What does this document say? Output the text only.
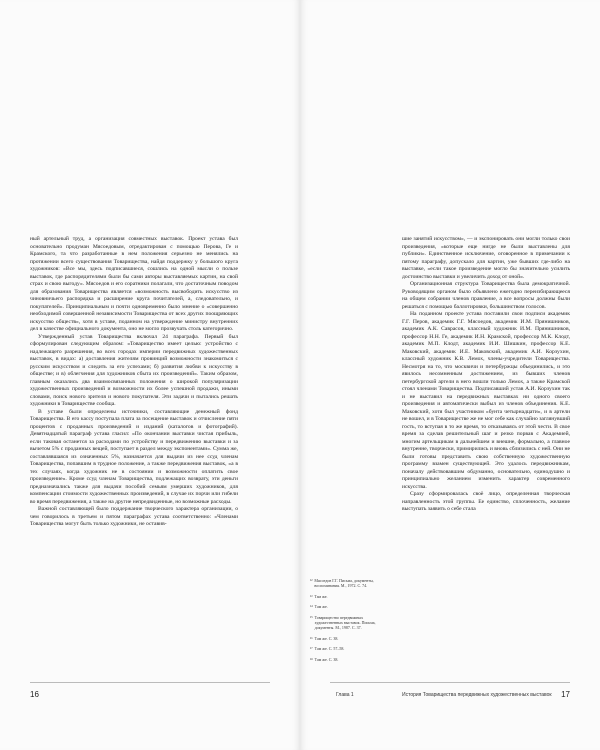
ный артельный труд, а организация совместных выставок. Проект устава был основательно продуман Мясоедовым, отредактирован с помощью Перова, Ге и Крамского, та что разработанные в нем положения серьезно не менялись на протяжении всего существования Товарищества, найдя поддержку у большого круга художников: «Все мы, здесь подписавшиеся, сошлись на одной мысли о пользе выставок, где распорядителями были бы сами авторы выставляемых картин, на свой страх и свою выгоду». Мясоедов и его соратники полагали, что достаточным поводом для образования Товарищества является «возможность высвободить искусство из чиновничьего распорядка и расширение круга почитателей, а, следовательно, и покупателей». Принципиальным и почти одновременно было мнение о «совершенно необходимой совершенной независимости Товарищества от всех других поощряющих искусство обществ», хотя в уставе, поданном на утверждение министру внутренних дел в качестве официального документа, оно не могло прозвучать столь категорично.

Утвержденный устав Товарищества включал 24 параграфа. Первый был сформулирован следующим образом: «Товарищество имеет целью: устройство с надлежащего разрешения, во всех городах империи передвижных художественных выставок, в видах: а) доставления жителям провинций возможности знакомиться с русским искусством и следить за его успехами; б) развития любви к искусству в обществе; и в) облегчения для художников сбыта их произведений». Таким образом, главным оказались два взаимосвязанных положения о широкой популяризации художественных произведений и возможности их более успешной продажи, иными словами, поиск нового зрителя и нового покупателя. Эти задачи и пытались решать художники в Товариществе сообща.

В уставе были определены источники, составляющие денежный фонд Товарищества. В его кассу поступала плата за посещение выставок и отчисление пяти процентов с проданных произведений и изданий (каталогов и фотографий). Девятнадцатый параграф устава гласил: «По окончании выставки чистая прибыль, если таковая останется за расходами по устройству и передвижению выставки и за вычетом 5% с проданных вещей, поступает в раздел между экспонентами». Сумма же, составлявшаяся из означенных 5%, назначается для выдачи из нее ссуд членам Товарищества, попавшим в трудное положение, а также передвижения выставок, «а в тех случаях, когда художник не в состоянии и возможности оплатить свое произведение». Кроме ссуд членам Товарищества, подлежащих возврату, эти деньги предназначались также для выдачи пособий семьям умерших художников, для компенсации стоимости художественных произведений, в случае их порчи или гибели во время передвижения, а также на другие непредвиденные, но возможные расходы.

Важной составляющей было поддержание творческого характера организации, о чем говорилось в третьем и пятом параграфах устава соответственно: «Членами Товарищества могут быть только художники, не оставив-

16
¹² Мясоедов Г.Г. Письма, документы, воспоминания. М., 1972. С. 74.
¹³ Там же.
¹⁴ Там же.
¹⁵ Товарищество передвижных художественных выставок. Письма, документы. М., 1987. С. 37.
¹⁶ Там же. С. 38.
¹⁷ Там же. С. 57–58.
¹⁸ Там же. С. 38.

шие занятий искусством», — и экспонировать они могли только свои произведения, «которые еще нигде не были выставлены для публики». Единственное исключение, оговоренное в примечании к пятому параграфу, допускало для картин, уже бывших где-либо на выставке, «если такое произведение могло бы значительно усилить достоинство выставки и увеличить доход от оной».

Организационная структура Товарищества была демократичной. Руководящим органом было объявлено ежегодно переизбирающееся на общем собрании членов правление, а все вопросы должны были решаться с помощью баллотировки, большинством голосов.

На поданном проекте устава поставили свои подписи академик Г.Г. Перов, академик Г.Г. Мясоедов, академик И.М. Прянишников, академик А.К. Саврасов, классный художник И.М. Прянишников, профессор Н.Н. Ге, академик И.Н. Крамской, профессор М.К. Клодт, академик М.П. Клодт, академик И.И. Шишкин, профессор К.Е. Маковский, академик И.Е. Маковский, академик А.И. Корзухин, классный художник К.В. Лемох, члены-учредители Товарищества. Несмотря на то, что москвичи и петербуржцы объединились, и это явилось несомненным достижением, из бывших членов петербургской артели в него вошли только Лемох, а также Крамской стоял членами Товарищества. Подписавший устав А.И. Корзухин так и не выставил на передвижных выставках ни одного своего произведения и автоматически выбыл из членов объединения. К.Е. Маковский, хотя был участником «бунта четырнадцати», и в артели не вошел, и в Товариществе же не мог себе как случайно заглянувший гость, то вступая в то же время, то отказываясь от этой чести. В свое время за сделав решительный шаг и резко порвав с Академией, многим артельщикам в дальнейшем и внешне, формально, а главное внутренне, творчески, примирились и вновь сблизились с ней. Они не были готовы представить свою собственную художественную программу взамен существующей. Это удалось передвижникам, поначалу действовавшим обдуманно, основательно, единодушно и принципиально желанием изменить характер современного искусства.

Сразу сформировалась своё лицо, определенная творческая направленность этой группы. Ее единство, сплоченность, желание выступать заявить о себе стала

Глава 1	История Товарищества передвижных художественных выставок 17
